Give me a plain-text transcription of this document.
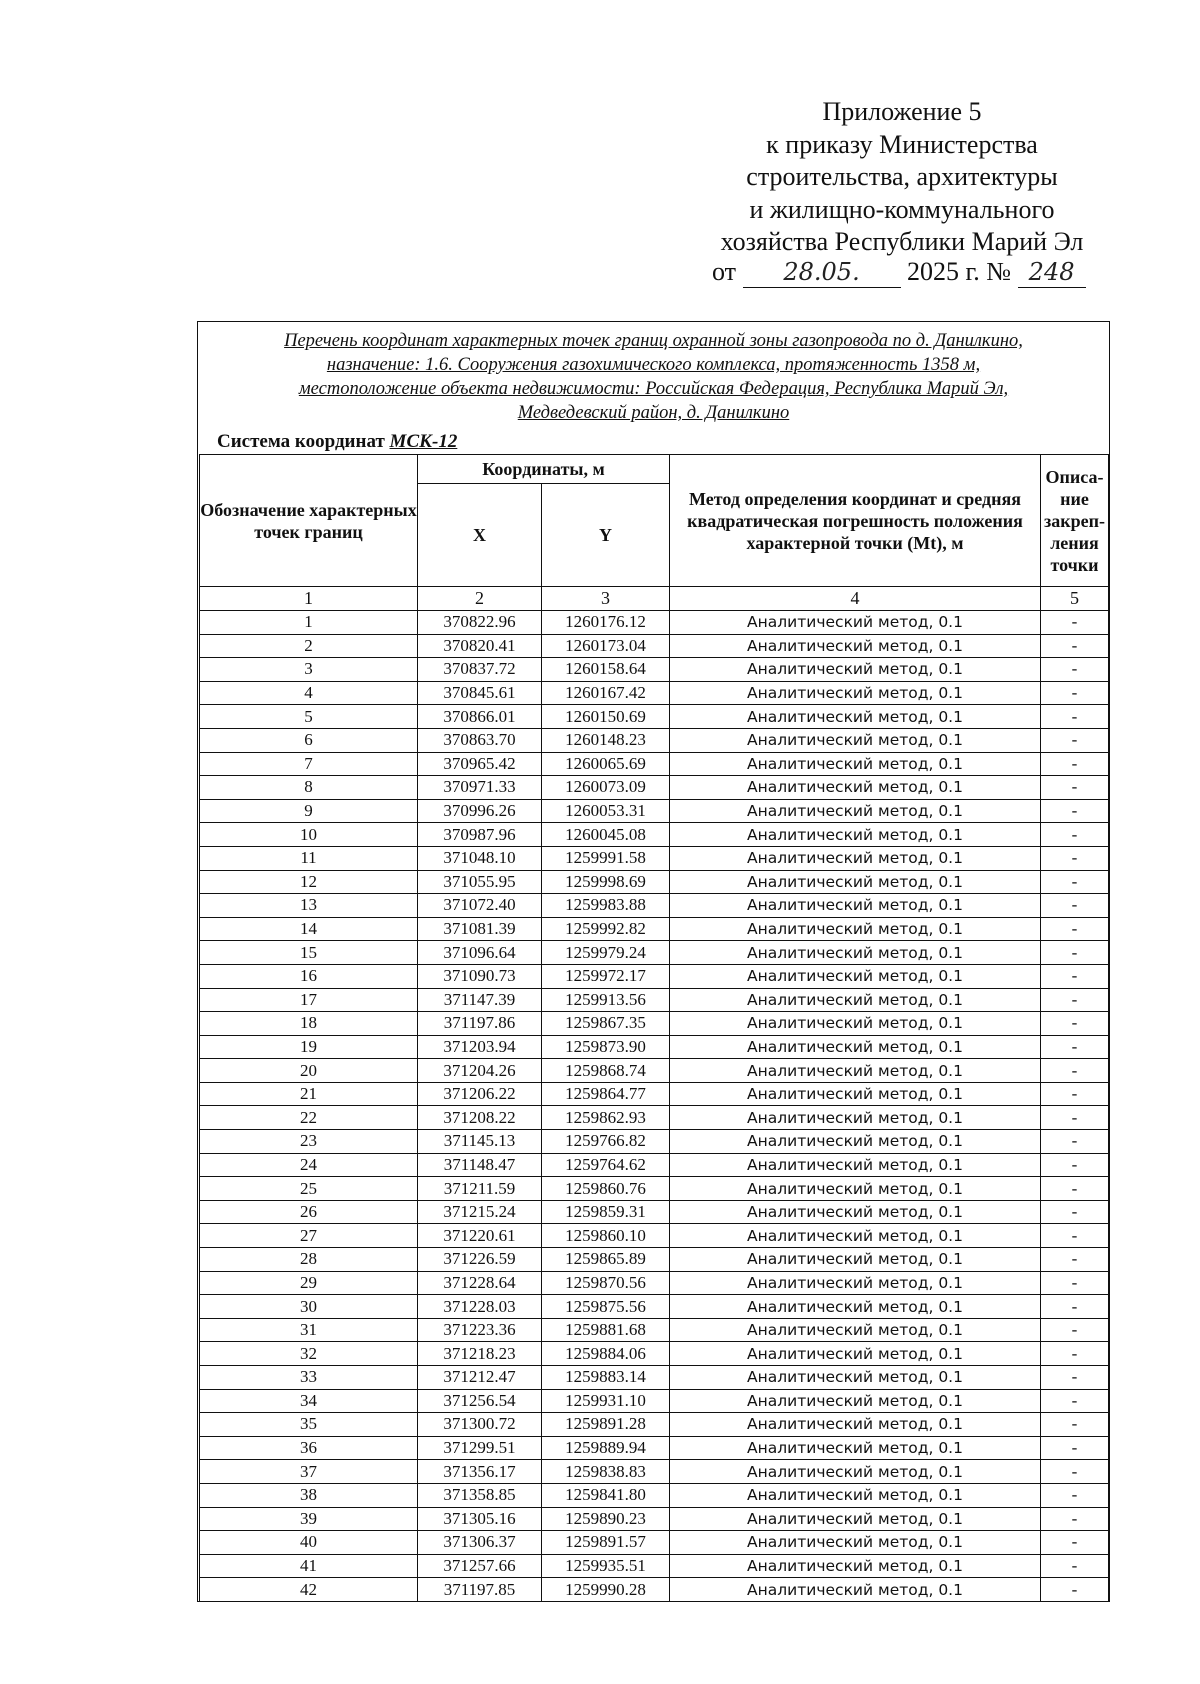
Приложение 5
к приказу Министерства
строительства, архитектуры
и жилищно-коммунального
хозяйства Республики Марий Эл
от 28.05. 2025 г. № 248
Перечень координат характерных точек границ охранной зоны газопровода по д. Данилкино,
назначение: 1.6. Сооружения газохимического комплекса, протяженность 1358 м,
местоположение объекта недвижимости: Российская Федерация, Республика Марий Эл,
Медведевский район, д. Данилкино
Система координат МСК-12
Обозначение характерных точек границ	Координаты, м		Метод определения координат и средняя квадратическая погрешность положения характерной точки (Mt), м	Описа-ние закреп-ления точки
	X	Y		
1	2	3	4	5
1	370822.96	1260176.12	Аналитический метод, 0.1	-
2	370820.41	1260173.04	Аналитический метод, 0.1	-
3	370837.72	1260158.64	Аналитический метод, 0.1	-
4	370845.61	1260167.42	Аналитический метод, 0.1	-
5	370866.01	1260150.69	Аналитический метод, 0.1	-
6	370863.70	1260148.23	Аналитический метод, 0.1	-
7	370965.42	1260065.69	Аналитический метод, 0.1	-
8	370971.33	1260073.09	Аналитический метод, 0.1	-
9	370996.26	1260053.31	Аналитический метод, 0.1	-
10	370987.96	1260045.08	Аналитический метод, 0.1	-
11	371048.10	1259991.58	Аналитический метод, 0.1	-
12	371055.95	1259998.69	Аналитический метод, 0.1	-
13	371072.40	1259983.88	Аналитический метод, 0.1	-
14	371081.39	1259992.82	Аналитический метод, 0.1	-
15	371096.64	1259979.24	Аналитический метод, 0.1	-
16	371090.73	1259972.17	Аналитический метод, 0.1	-
17	371147.39	1259913.56	Аналитический метод, 0.1	-
18	371197.86	1259867.35	Аналитический метод, 0.1	-
19	371203.94	1259873.90	Аналитический метод, 0.1	-
20	371204.26	1259868.74	Аналитический метод, 0.1	-
21	371206.22	1259864.77	Аналитический метод, 0.1	-
22	371208.22	1259862.93	Аналитический метод, 0.1	-
23	371145.13	1259766.82	Аналитический метод, 0.1	-
24	371148.47	1259764.62	Аналитический метод, 0.1	-
25	371211.59	1259860.76	Аналитический метод, 0.1	-
26	371215.24	1259859.31	Аналитический метод, 0.1	-
27	371220.61	1259860.10	Аналитический метод, 0.1	-
28	371226.59	1259865.89	Аналитический метод, 0.1	-
29	371228.64	1259870.56	Аналитический метод, 0.1	-
30	371228.03	1259875.56	Аналитический метод, 0.1	-
31	371223.36	1259881.68	Аналитический метод, 0.1	-
32	371218.23	1259884.06	Аналитический метод, 0.1	-
33	371212.47	1259883.14	Аналитический метод, 0.1	-
34	371256.54	1259931.10	Аналитический метод, 0.1	-
35	371300.72	1259891.28	Аналитический метод, 0.1	-
36	371299.51	1259889.94	Аналитический метод, 0.1	-
37	371356.17	1259838.83	Аналитический метод, 0.1	-
38	371358.85	1259841.80	Аналитический метод, 0.1	-
39	371305.16	1259890.23	Аналитический метод, 0.1	-
40	371306.37	1259891.57	Аналитический метод, 0.1	-
41	371257.66	1259935.51	Аналитический метод, 0.1	-
42	371197.85	1259990.28	Аналитический метод, 0.1	-
